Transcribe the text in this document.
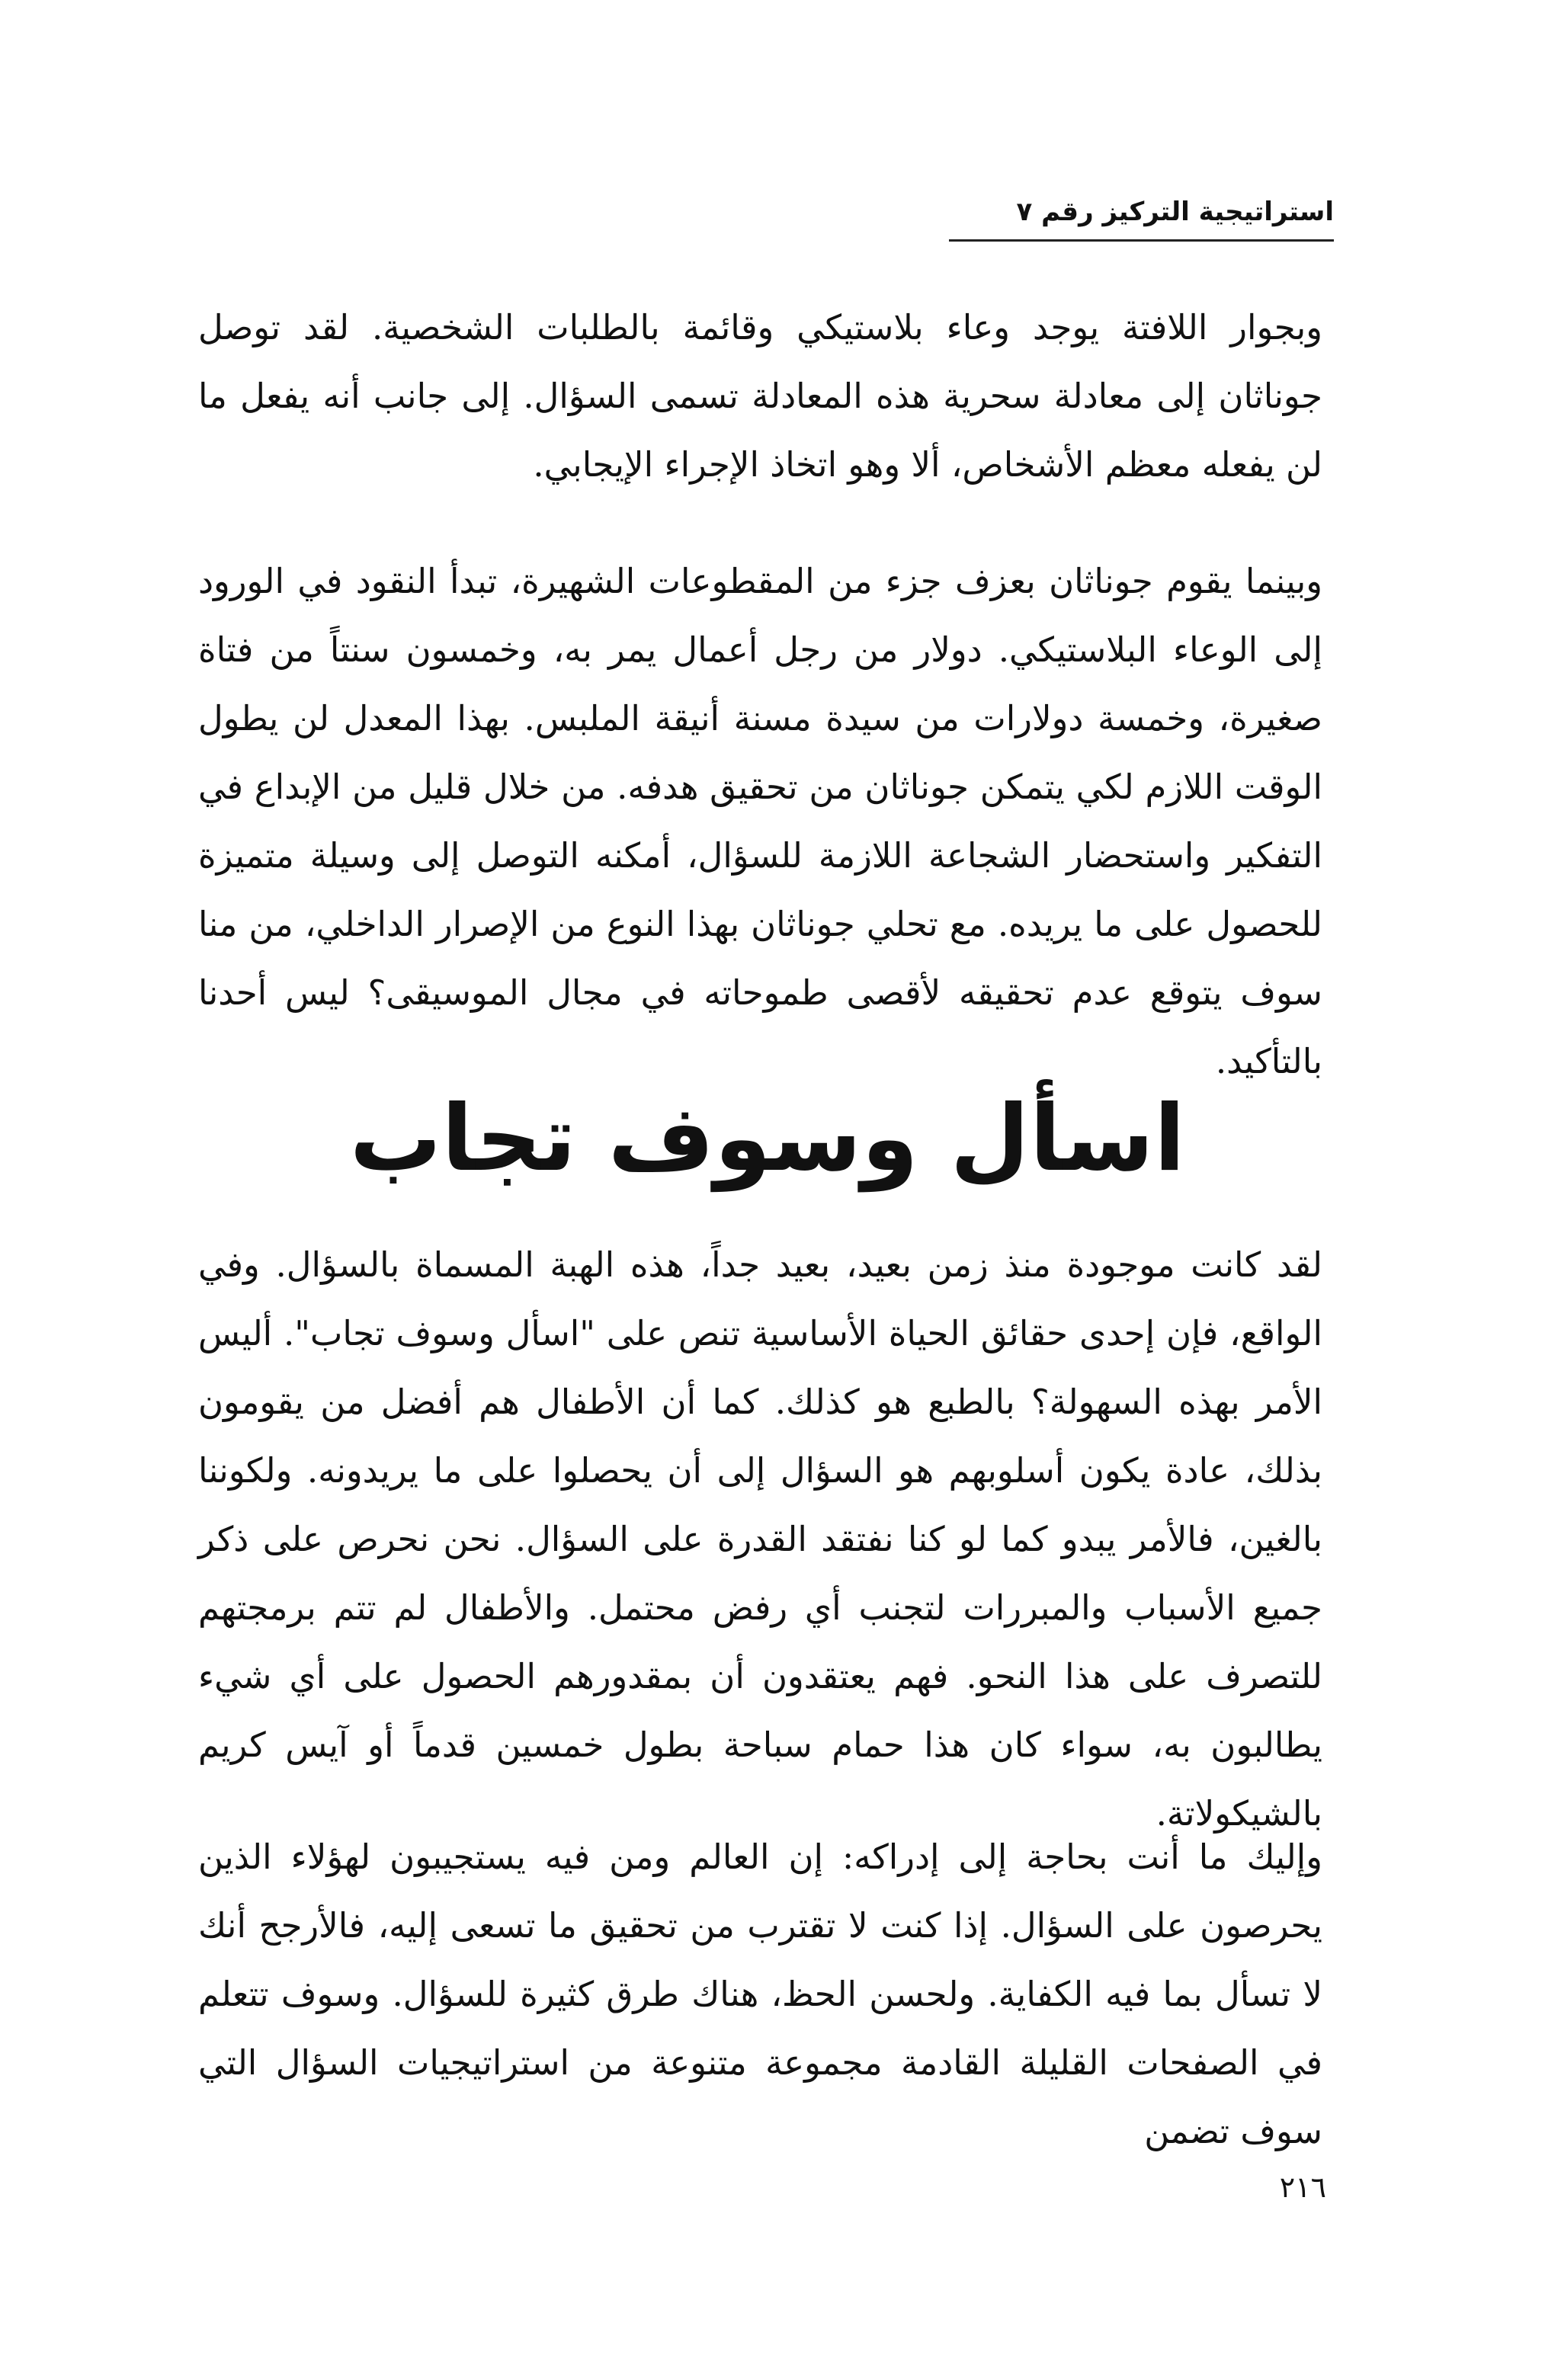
استراتيجية التركيز رقم ٧

وبجوار اللافتة يوجد وعاء بلاستيكي وقائمة بالطلبات الشخصية. لقد توصل جوناثان إلى معادلة سحرية هذه المعادلة تسمى السؤال. إلى جانب أنه يفعل ما لن يفعله معظم الأشخاص، ألا وهو اتخاذ الإجراء الإيجابي.

وبينما يقوم جوناثان بعزف جزء من المقطوعات الشهيرة، تبدأ النقود في الورود إلى الوعاء البلاستيكي. دولار من رجل أعمال يمر به، وخمسون سنتاً من فتاة صغيرة، وخمسة دولارات من سيدة مسنة أنيقة الملبس. بهذا المعدل لن يطول الوقت اللازم لكي يتمكن جوناثان من تحقيق هدفه. من خلال قليل من الإبداع في التفكير واستحضار الشجاعة اللازمة للسؤال، أمكنه التوصل إلى وسيلة متميزة للحصول على ما يريده. مع تحلي جوناثان بهذا النوع من الإصرار الداخلي، من منا سوف يتوقع عدم تحقيقه لأقصى طموحاته في مجال الموسيقى؟ ليس أحدنا بالتأكيد.

اسأل وسوف تجاب

لقد كانت موجودة منذ زمن بعيد، بعيد جداً، هذه الهبة المسماة بالسؤال. وفي الواقع، فإن إحدى حقائق الحياة الأساسية تنص على "اسأل وسوف تجاب". أليس الأمر بهذه السهولة؟ بالطبع هو كذلك. كما أن الأطفال هم أفضل من يقومون بذلك، عادة يكون أسلوبهم هو السؤال إلى أن يحصلوا على ما يريدونه. ولكوننا بالغين، فالأمر يبدو كما لو كنا نفتقد القدرة على السؤال. نحن نحرص على ذكر جميع الأسباب والمبررات لتجنب أي رفض محتمل. والأطفال لم تتم برمجتهم للتصرف على هذا النحو. فهم يعتقدون أن بمقدورهم الحصول على أي شيء يطالبون به، سواء كان هذا حمام سباحة بطول خمسين قدماً أو آيس كريم بالشيكولاتة.

وإليك ما أنت بحاجة إلى إدراكه: إن العالم ومن فيه يستجيبون لهؤلاء الذين يحرصون على السؤال. إذا كنت لا تقترب من تحقيق ما تسعى إليه، فالأرجح أنك لا تسأل بما فيه الكفاية. ولحسن الحظ، هناك طرق كثيرة للسؤال. وسوف تتعلم في الصفحات القليلة القادمة مجموعة متنوعة من استراتيجيات السؤال التي سوف تضمن

٢١٦
